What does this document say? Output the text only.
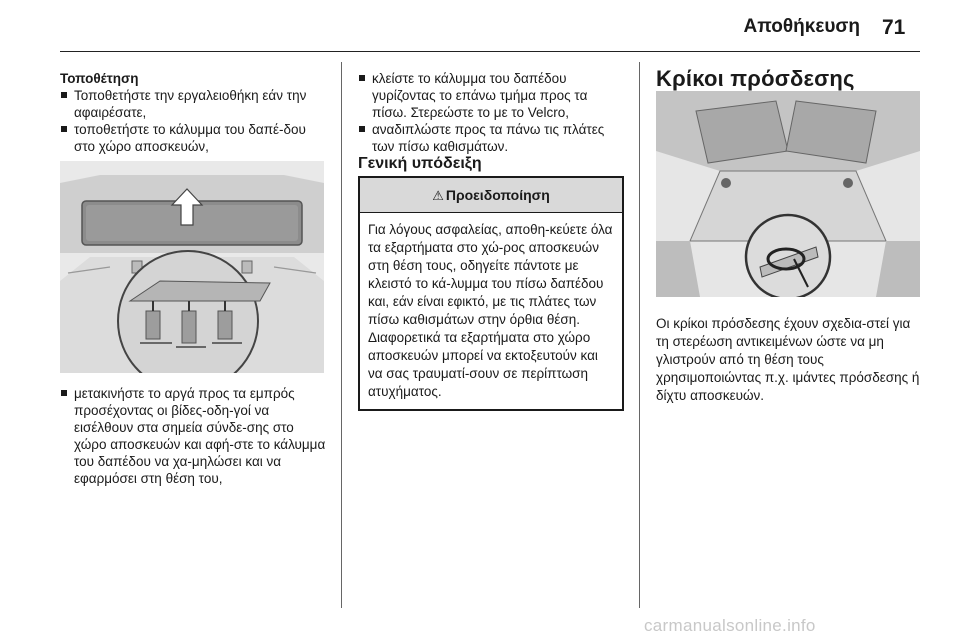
Αποθήκευση 71

Τοποθέτηση

Τοποθετήστε την εργαλειοθήκη εάν την αφαιρέσατε,

τοποθετήστε το κάλυμμα του δαπέ-δου στο χώρο αποσκευών,

μετακινήστε το αργά προς τα εμπρός προσέχοντας οι βίδες-οδη-γοί να εισέλθουν στα σημεία σύνδε-σης στο χώρο αποσκευών και αφή-στε το κάλυμμα του δαπέδου να χα-μηλώσει και να εφαρμόσει στη θέση του,

κλείστε το κάλυμμα του δαπέδου γυρίζοντας το επάνω τμήμα προς τα πίσω. Στερεώστε το με το Velcro,

αναδιπλώστε προς τα πάνω τις πλάτες των πίσω καθισμάτων.

Γενική υπόδειξη

⚠ Προειδοποίηση
Για λόγους ασφαλείας, αποθη-κεύετε όλα τα εξαρτήματα στο χώ-ρος αποσκευών στη θέση τους, οδηγείτε πάντοτε με κλειστό το κά-λυμμα του πίσω δαπέδου και, εάν είναι εφικτό, με τις πλάτες των πίσω καθισμάτων στην όρθια θέση. Διαφορετικά τα εξαρτήματα στο χώρο αποσκευών μπορεί να εκτοξευτούν και να σας τραυματί-σουν σε περίπτωση ατυχήματος.

Κρίκοι πρόσδεσης

Οι κρίκοι πρόσδεσης έχουν σχεδια-στεί για τη στερέωση αντικειμένων ώστε να μη γλιστρούν από τη θέση τους χρησιμοποιώντας π.χ. ιμάντες πρόσδεσης ή δίχτυ αποσκευών.

carmanualsonline.info
